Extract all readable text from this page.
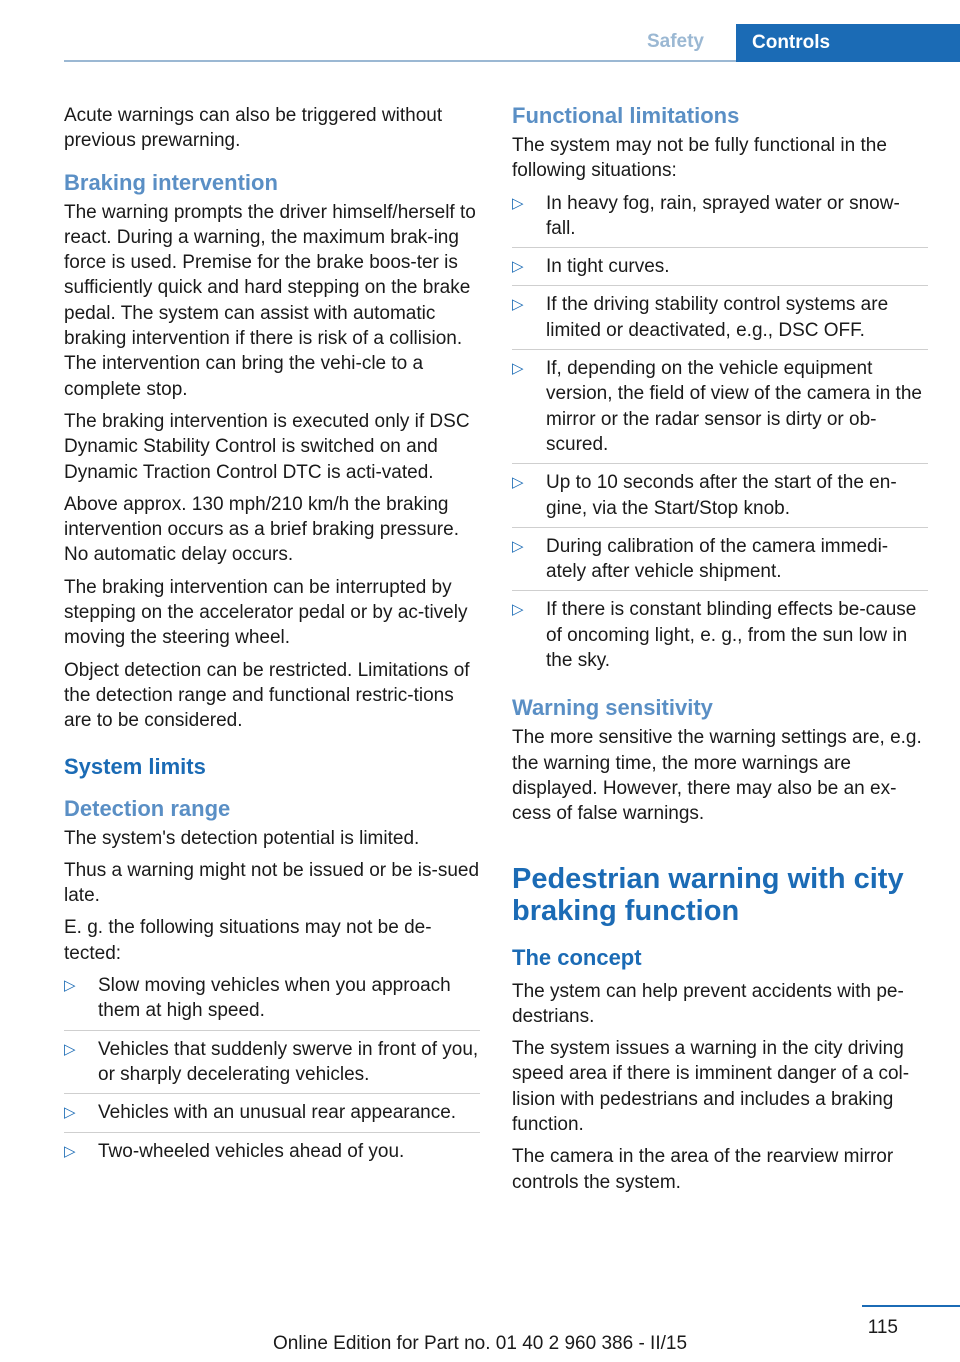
Safety	Controls

Acute warnings can also be triggered without previous prewarning.

Braking intervention

The warning prompts the driver himself/herself to react. During a warning, the maximum brak-ing force is used. Premise for the brake boos-ter is sufficiently quick and hard stepping on the brake pedal. The system can assist with automatic braking intervention if there is risk of a collision. The intervention can bring the vehi-cle to a complete stop.

The braking intervention is executed only if DSC Dynamic Stability Control is switched on and Dynamic Traction Control DTC is acti-vated.

Above approx. 130 mph/210 km/h the braking intervention occurs as a brief braking pressure. No automatic delay occurs.

The braking intervention can be interrupted by stepping on the accelerator pedal or by ac-tively moving the steering wheel.

Object detection can be restricted. Limitations of the detection range and functional restric-tions are to be considered.

System limits
Detection range

The system's detection potential is limited.

Thus a warning might not be issued or be is-sued late.

E. g. the following situations may not be de-tected:

▷ Slow moving vehicles when you approach them at high speed.
▷ Vehicles that suddenly swerve in front of you, or sharply decelerating vehicles.
▷ Vehicles with an unusual rear appearance.
▷ Two-wheeled vehicles ahead of you.
Functional limitations

The system may not be fully functional in the following situations:

▷ In heavy fog, rain, sprayed water or snow-fall.
▷ In tight curves.
▷ If the driving stability control systems are limited or deactivated, e.g., DSC OFF.
▷ If, depending on the vehicle equipment version, the field of view of the camera in the mirror or the radar sensor is dirty or ob-scured.
▷ Up to 10 seconds after the start of the en-gine, via the Start/Stop knob.
▷ During calibration of the camera immedi-ately after vehicle shipment.
▷ If there is constant blinding effects be-cause of oncoming light, e. g., from the sun low in the sky.
Warning sensitivity

The more sensitive the warning settings are, e.g. the warning time, the more warnings are displayed. However, there may also be an ex-cess of false warnings.

Pedestrian warning with city braking function
The concept

The ystem can help prevent accidents with pe-destrians.

The system issues a warning in the city driving speed area if there is imminent danger of a col-lision with pedestrians and includes a braking function.

The camera in the area of the rearview mirror controls the system.

115
Online Edition for Part no. 01 40 2 960 386 - II/15
